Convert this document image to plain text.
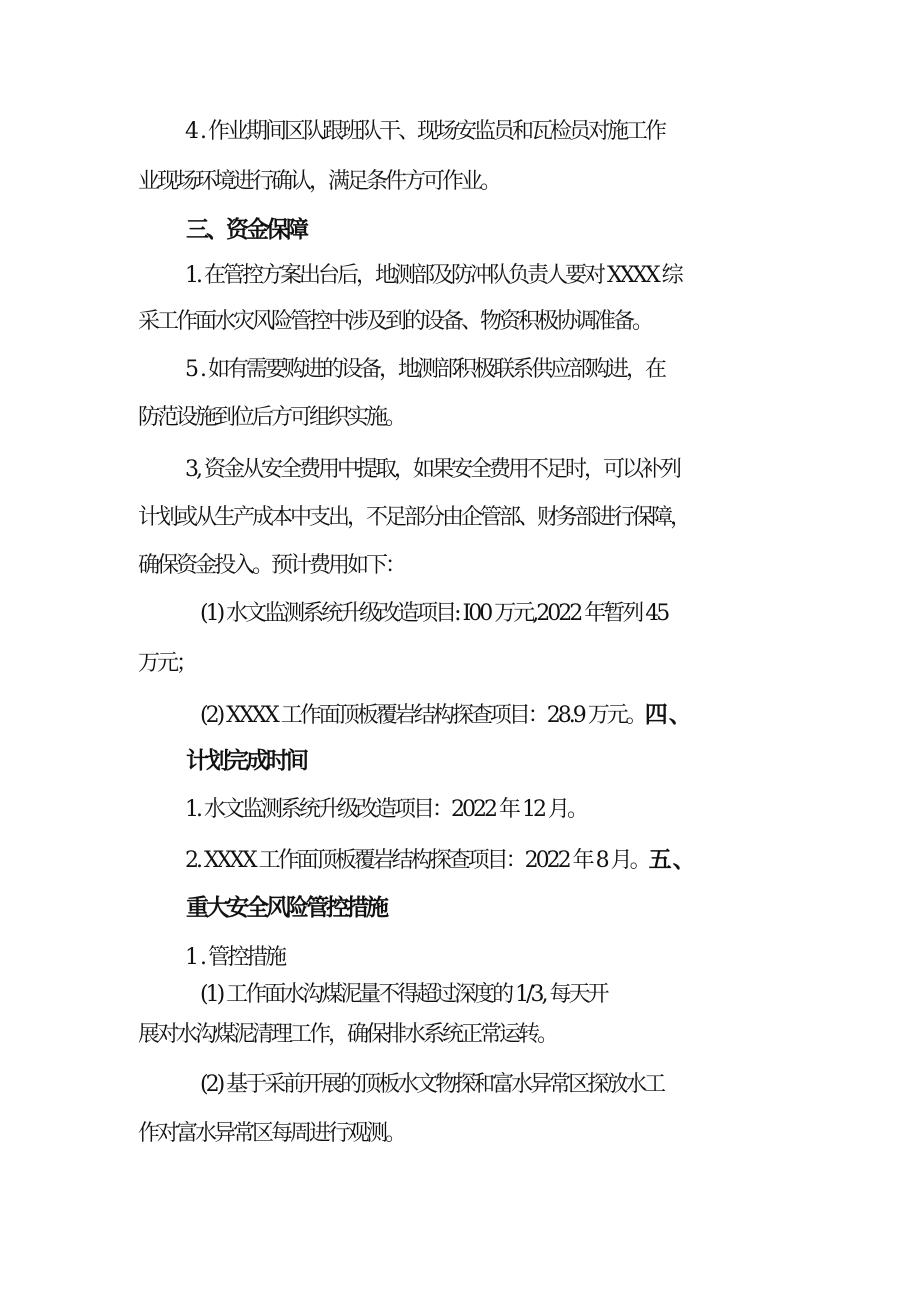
4 . 作业期间区队跟班队干、现场安监员和瓦检员对施工作

业现场环境进行确认，满足条件方可作业。

三、资金保障

1. 在管控方案出台后，地测部及防冲队负责人要对 XXXX 综

采工作面水灾风险管控中涉及到的设备、物资积极协调准备。

5 . 如有需要购进的设备，地测部积极联系供应部购进，在

防范设施到位后方可组织实施。

3, 资金从安全费用中提取，如果安全费用不足时，可以补列

计划或从生产成本中支出，不足部分由企管部、财务部进行保障，

确保资金投入。预计费用如下：

(1) 水文监测系统升级改造项目: I00 万元,2022 年暂列 45

万元；

(2) XXXX 工作面顶板覆岩结构探查项目：28.9 万元。四、

计划完成时间

1. 水文监测系统升级改造项目：2022 年 12 月。

2. XXXX 工作面顶板覆岩结构探查项目：2022 年 8 月。五、

重大安全风险管控措施

1 . 管控措施

(1) 工作面水沟煤泥量不得超过深度的 1/3, 每天开

展对水沟煤泥清理工作，确保排水系统正常运转。

(2) 基于采前开展的顶板水文物探和富水异常区探放水工

作对富水异常区每周进行观测。
